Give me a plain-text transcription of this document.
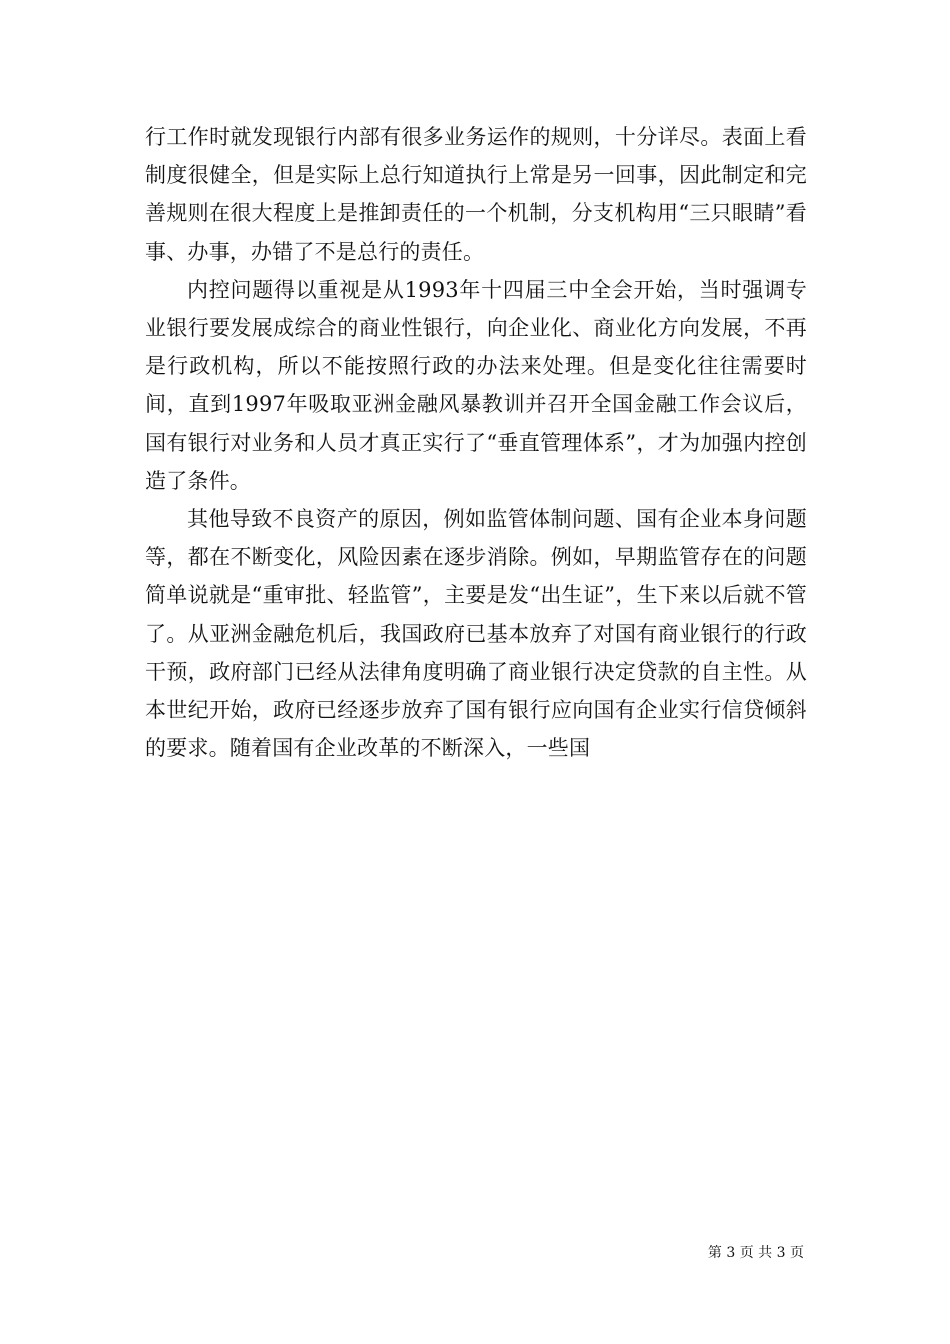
行工作时就发现银行内部有很多业务运作的规则，十分详尽。表面上看制度很健全，但是实际上总行知道执行上常是另一回事，因此制定和完善规则在很大程度上是推卸责任的一个机制，分支机构用“三只眼睛”看事、办事，办错了不是总行的责任。

内控问题得以重视是从1993年十四届三中全会开始，当时强调专业银行要发展成综合的商业性银行，向企业化、商业化方向发展，不再是行政机构，所以不能按照行政的办法来处理。但是变化往往需要时间，直到1997年吸取亚洲金融风暴教训并召开全国金融工作会议后，国有银行对业务和人员才真正实行了“垂直管理体系”，才为加强内控创造了条件。

其他导致不良资产的原因，例如监管体制问题、国有企业本身问题等，都在不断变化，风险因素在逐步消除。例如，早期监管存在的问题简单说就是“重审批、轻监管”，主要是发“出生证”，生下来以后就不管了。从亚洲金融危机后，我国政府已基本放弃了对国有商业银行的行政干预，政府部门已经从法律角度明确了商业银行决定贷款的自主性。从本世纪开始，政府已经逐步放弃了国有银行应向国有企业实行信贷倾斜的要求。随着国有企业改革的不断深入，一些国

第 3 页 共 3 页
